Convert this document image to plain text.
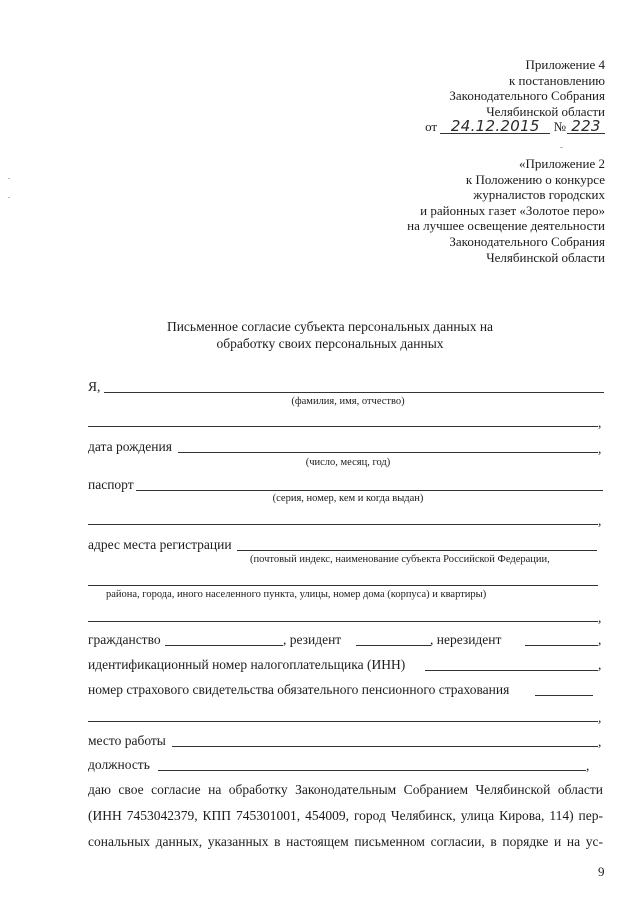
Приложение 4
к постановлению
Законодательного Собрания
Челябинской области
от 24.12.2015 № 223
«Приложение 2
к Положению о конкурсе
журналистов городских
и районных газет «Золотое перо»
на лучшее освещение деятельности
Законодательного Собрания
Челябинской области
Письменное согласие субъекта персональных данных на
обработку своих персональных данных
Я,
(фамилия, имя, отчество)
,
дата рождения	,
(число, месяц, год)
паспорт
(серия, номер, кем и когда выдан)
,
адрес места регистрации
(почтовый индекс, наименование субъекта Российской Федерации,
района, города, иного населенного пункта, улицы, номер дома (корпуса) и квартиры)
,
гражданство	, резидент	, нерезидент	,
идентификационный номер налогоплательщика (ИНН)	,
номер страхового свидетельства обязательного пенсионного страхования
,
место работы	,
должность	,
даю свое согласие на обработку Законодательным Собранием Челябинской области
(ИНН 7453042379, КПП 745301001, 454009, город Челябинск, улица Кирова, 114) пер-
сональных данных, указанных в настоящем письменном согласии, в порядке и на ус-
9
